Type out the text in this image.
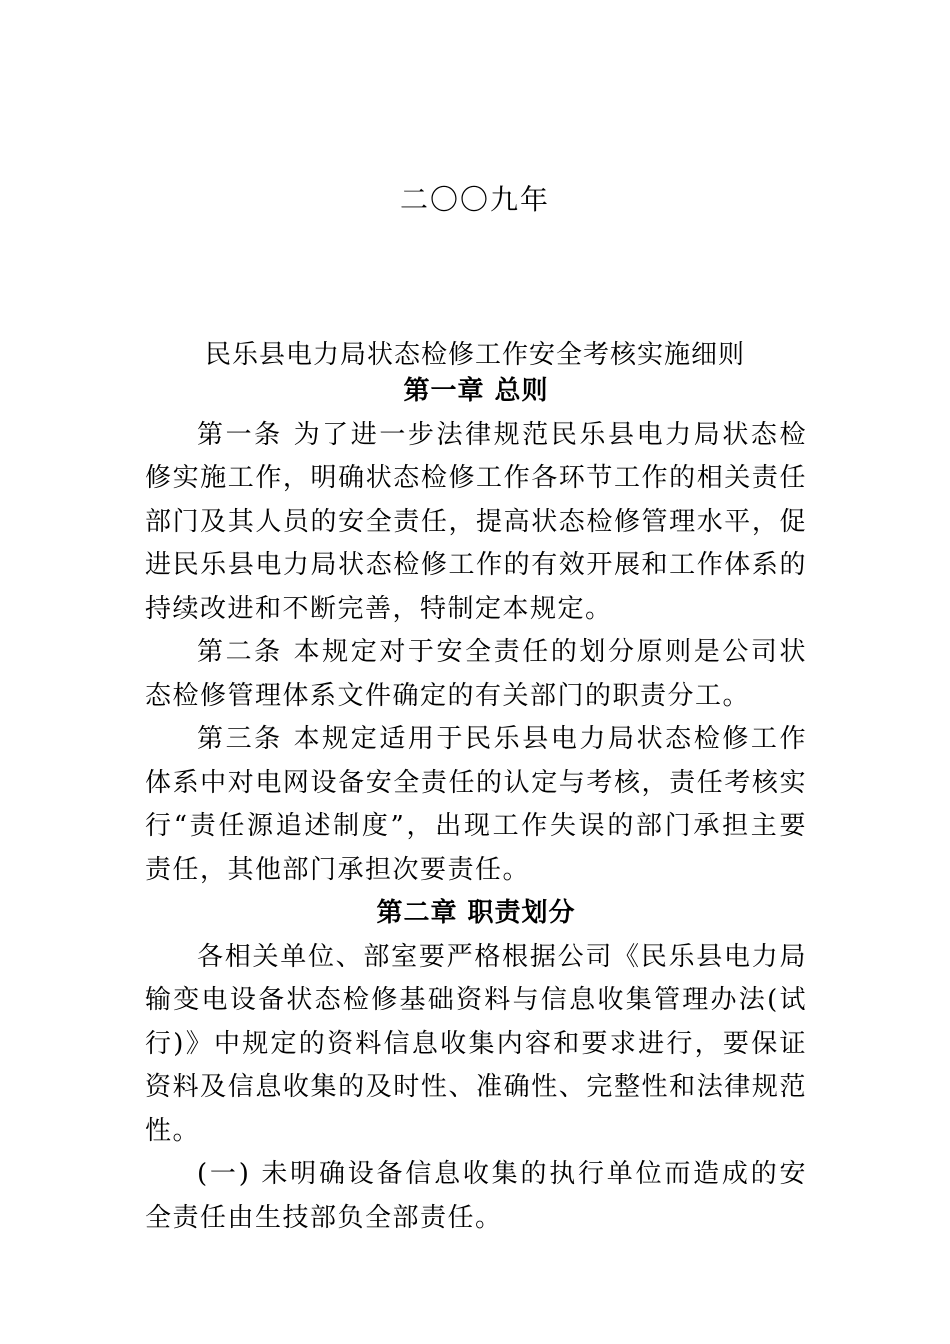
二〇〇九年
民乐县电力局状态检修工作安全考核实施细则

第一章 总则

第一条 为了进一步法律规范民乐县电力局状态检修实施工作，明确状态检修工作各环节工作的相关责任部门及其人员的安全责任，提高状态检修管理水平，促进民乐县电力局状态检修工作的有效开展和工作体系的持续改进和不断完善，特制定本规定。

第二条 本规定对于安全责任的划分原则是公司状态检修管理体系文件确定的有关部门的职责分工。

第三条 本规定适用于民乐县电力局状态检修工作体系中对电网设备安全责任的认定与考核，责任考核实行“责任源追述制度”，出现工作失误的部门承担主要责任，其他部门承担次要责任。

第二章 职责划分

各相关单位、部室要严格根据公司《民乐县电力局输变电设备状态检修基础资料与信息收集管理办法(试行)》中规定的资料信息收集内容和要求进行，要保证资料及信息收集的及时性、准确性、完整性和法律规范性。

(一) 未明确设备信息收集的执行单位而造成的安全责任由生技部负全部责任。
